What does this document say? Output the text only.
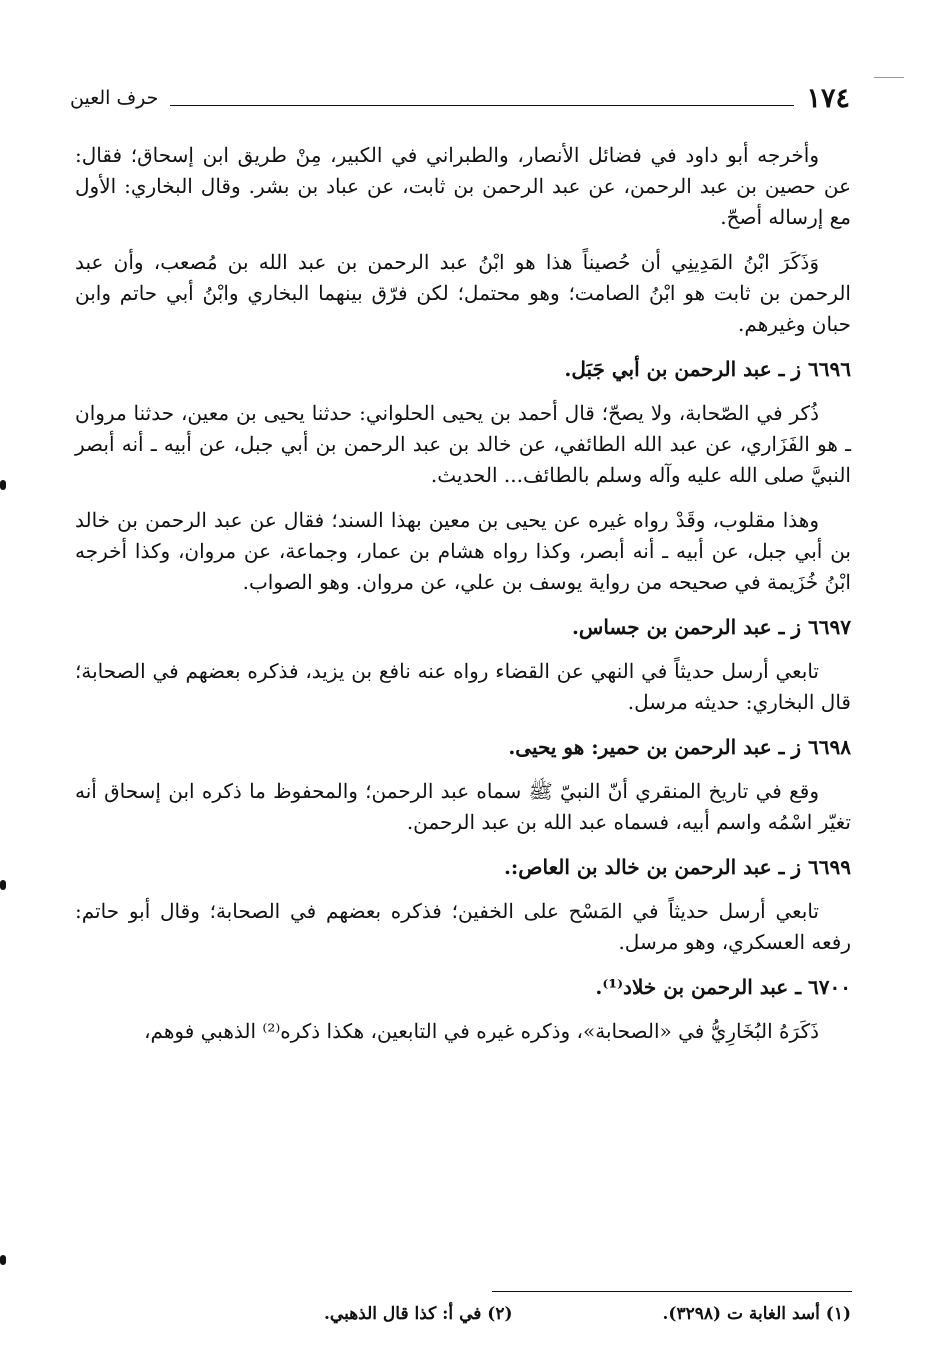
١٧٤
حرف العين

وأخرجه أبو داود في فضائل الأنصار، والطبراني في الكبير، مِنْ طريق ابن إسحاق؛ فقال: عن حصين بن عبد الرحمن، عن عبد الرحمن بن ثابت، عن عباد بن بشر. وقال البخاري: الأول مع إرساله أصحّ.

وَذَكَرَ ابْنُ المَدِينِي أن حُصيناً هذا هو ابْنُ عبد الرحمن بن عبد الله بن مُصعب، وأن عبد الرحمن بن ثابت هو ابْنُ الصامت؛ وهو محتمل؛ لكن فرّق بينهما البخاري وابْنُ أبي حاتم وابن حبان وغيرهم.

٦٦٩٦ ز ـ عبد الرحمن بن أبي جَبَل.

ذُكر في الصّحابة، ولا يصحّ؛ قال أحمد بن يحيى الحلواني: حدثنا يحيى بن معين، حدثنا مروان ـ هو الفَزَاري، عن عبد الله الطائفي، عن خالد بن عبد الرحمن بن أبي جبل، عن أبيه ـ أنه أبصر النبيَّ صلى الله عليه وآله وسلم بالطائف... الحديث.

وهذا مقلوب، وقَدْ رواه غيره عن يحيى بن معين بهذا السند؛ فقال عن عبد الرحمن بن خالد بن أبي جبل، عن أبيه ـ أنه أبصر، وكذا رواه هشام بن عمار، وجماعة، عن مروان، وكذا أخرجه ابْنُ خُزَيمة في صحيحه من رواية يوسف بن علي، عن مروان. وهو الصواب.

٦٦٩٧ ز ـ عبد الرحمن بن جساس.

تابعي أرسل حديثاً في النهي عن القضاء رواه عنه نافع بن يزيد، فذكره بعضهم في الصحابة؛ قال البخاري: حديثه مرسل.

٦٦٩٨ ز ـ عبد الرحمن بن حمير: هو يحيى.

وقع في تاريخ المنقري أنّ النبيّ ﷺ سماه عبد الرحمن؛ والمحفوظ ما ذكره ابن إسحاق أنه تغيّر اسْمُه واسم أبيه، فسماه عبد الله بن عبد الرحمن.

٦٦٩٩ ز ـ عبد الرحمن بن خالد بن العاص:.

تابعي أرسل حديثاً في المَسْح على الخفين؛ فذكره بعضهم في الصحابة؛ وقال أبو حاتم: رفعه العسكري، وهو مرسل.

٦٧٠٠ ـ عبد الرحمن بن خلاد⁽¹⁾.

ذَكَرَهُ البُخَارِيُّ في «الصحابة»، وذكره غيره في التابعين، هكذا ذكره⁽²⁾ الذهبي فوهم،

(١) أسد الغابة ت (٣٢٩٨).
(٢) في أ: كذا قال الذهبي.
